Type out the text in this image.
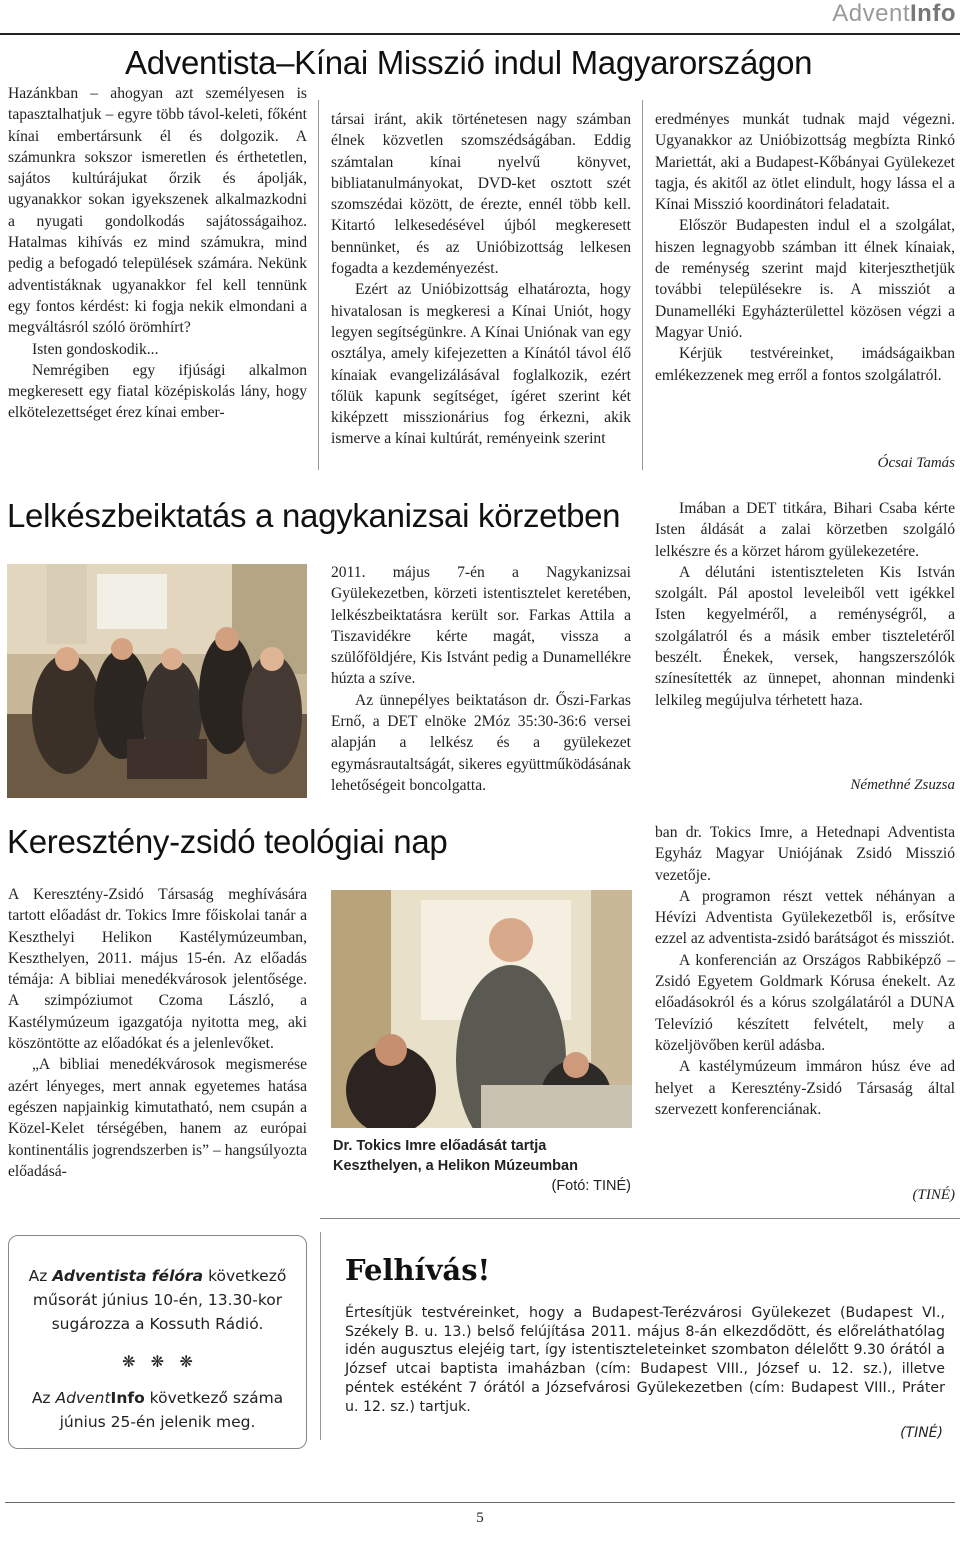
AdventInfo
Adventista–Kínai Misszió indul Magyarországon

Hazánkban – ahogyan azt személyesen is tapasztalhatjuk – egyre több távol-keleti, főként kínai embertársunk él és dolgozik. A számunkra sokszor ismeretlen és érthetetlen, sajátos kultúrájukat őrzik és ápolják, ugyanakkor sokan igyekszenek alkalmazkodni a nyugati gondolkodás sajátosságaihoz. Hatalmas kihívás ez mind számukra, mind pedig a befogadó települések számára. Nekünk adventistáknak ugyanakkor fel kell tennünk egy fontos kérdést: ki fogja nekik elmondani a megváltásról szóló örömhírt?

Isten gondoskodik...

Nemrégiben egy ifjúsági alkalmon megkeresett egy fiatal középiskolás lány, hogy elkötelezettséget érez kínai ember-

társai iránt, akik történetesen nagy számban élnek közvetlen szomszédságában. Eddig számtalan kínai nyelvű könyvet, bibliatanulmányokat, DVD-ket osztott szét szomszédai között, de érezte, ennél több kell. Kitartó lelkesedésével újból megkeresett bennünket, és az Unióbizottság lelkesen fogadta a kezdeményezést.

Ezért az Unióbizottság elhatározta, hogy hivatalosan is megkeresi a Kínai Uniót, hogy legyen segítségünkre. A Kínai Uniónak van egy osztálya, amely kifejezetten a Kínától távol élő kínaiak evangelizálásával foglalkozik, ezért tőlük kapunk segítséget, ígéret szerint két kiképzett misszionárius fog érkezni, akik ismerve a kínai kultúrát, reményeink szerint

eredményes munkát tudnak majd végezni. Ugyanakkor az Unióbizottság megbízta Rinkó Mariettát, aki a Budapest-Kőbányai Gyülekezet tagja, és akitől az ötlet elindult, hogy lássa el a Kínai Misszió koordinátori feladatait.

Először Budapesten indul el a szolgálat, hiszen legnagyobb számban itt élnek kínaiak, de reménység szerint majd kiterjeszthetjük további településekre is. A missziót a Dunamelléki Egyházterülettel közösen végzi a Magyar Unió.

Kérjük testvéreinket, imádságaikban emlékezzenek meg erről a fontos szolgálatról.

Ócsai Tamás
Lelkészbeiktatás a nagykanizsai körzetben

2011. május 7-én a Nagykanizsai Gyülekezetben, körzeti istentisztelet keretében, lelkészbeiktatásra került sor. Farkas Attila a Tiszavidékre kérte magát, vissza a szülőföldjére, Kis Istvánt pedig a Dunamellékre húzta a szíve.

Az ünnepélyes beiktatáson dr. Őszi-Farkas Ernő, a DET elnöke 2Móz 35:30-36:6 versei alapján a lelkész és a gyülekezet egymásrautaltságát, sikeres együttműködásának lehetőségeit boncolgatta.

Imában a DET titkára, Bihari Csaba kérte Isten áldását a zalai körzetben szolgáló lelkészre és a körzet három gyülekezetére.

A délutáni istentiszteleten Kis István szolgált. Pál apostol leveleiből vett igékkel Isten kegyelméről, a reménységről, a szolgálatról és a másik ember tiszteletéről beszélt. Énekek, versek, hangszerszólók színesítették az ünnepet, ahonnan mindenki lelkileg megújulva térhetett haza.

Némethné Zsuzsa
Keresztény-zsidó teológiai nap

A Keresztény-Zsidó Társaság meghívására tartott előadást dr. Tokics Imre főiskolai tanár a Keszthelyi Helikon Kastélymúzeumban, Keszthelyen, 2011. május 15-én. Az előadás témája: A bibliai menedékvárosok jelentősége. A szimpóziumot Czoma László, a Kastélymúzeum igazgatója nyitotta meg, aki köszöntötte az előadókat és a jelenlevőket.

„A bibliai menedékvárosok megismerése azért lényeges, mert annak egyetemes hatása egészen napjainkig kimutatható, nem csupán a Közel-Kelet térségében, hanem az európai kontinentális jogrendszerben is” – hangsúlyozta előadásá-

Dr. Tokics Imre előadását tartja Keszthelyen, a Helikon Múzeumban
(Fotó: TINÉ)

ban dr. Tokics Imre, a Hetednapi Adventista Egyház Magyar Uniójának Zsidó Misszió vezetője.

A programon részt vettek néhányan a Hévízi Adventista Gyülekezetből is, erősítve ezzel az adventista-zsidó barátságot és missziót.

A konferencián az Országos Rabbiképző – Zsidó Egyetem Goldmark Kórusa énekelt. Az előadásokról és a kórus szolgálatáról a DUNA Televízió készített felvételt, mely a közeljövőben kerül adásba.

A kastélymúzeum immáron húsz éve ad helyet a Keresztény-Zsidó Társaság által szervezett konferenciának.

(TINÉ)
Az Adventista félóra következő
műsorát június 10-én, 13.30-kor
sugározza a Kossuth Rádió.
❋   ❋   ❋
Az AdventInfo következő száma
június 25-én jelenik meg.
Felhívás!
Értesítjük testvéreinket, hogy a Budapest-Terézvárosi Gyülekezet (Budapest VI., Székely B. u. 13.) belső felújítása 2011. május 8-án elkezdődött, és előreláthatólag idén augusztus elejéig tart, így istentiszteleteinket szombaton délelőtt 9.30 órától a József utcai baptista imaházban (cím: Budapest VIII., József u. 12. sz.), illetve péntek estéként 7 órától a Józsefvárosi Gyülekezetben (cím: Budapest VIII., Práter u. 12. sz.) tartjuk.
(TINÉ)
5
